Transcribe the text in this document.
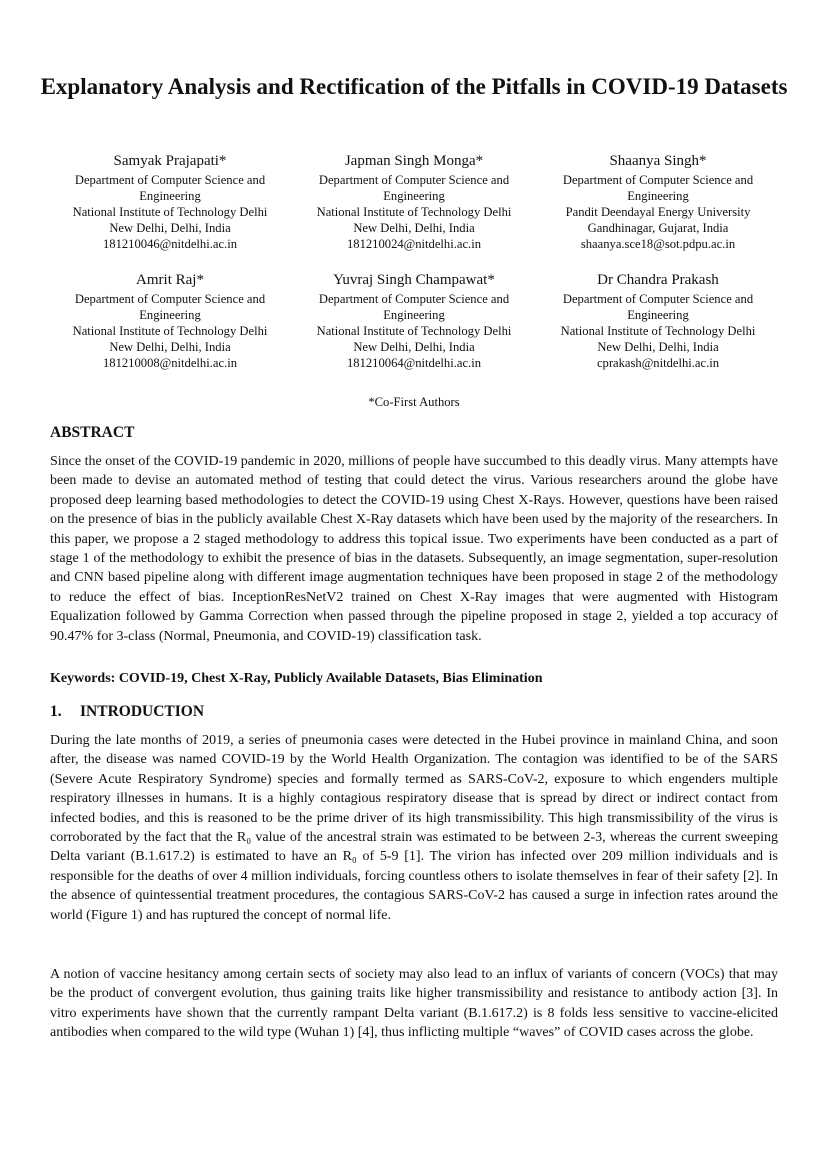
Explanatory Analysis and Rectification of the Pitfalls in COVID-19 Datasets
Samyak Prajapati*
Department of Computer Science and Engineering
National Institute of Technology Delhi
New Delhi, Delhi, India
181210046@nitdelhi.ac.in
Japman Singh Monga*
Department of Computer Science and Engineering
National Institute of Technology Delhi
New Delhi, Delhi, India
181210024@nitdelhi.ac.in
Shaanya Singh*
Department of Computer Science and Engineering
Pandit Deendayal Energy University
Gandhinagar, Gujarat, India
shaanya.sce18@sot.pdpu.ac.in
Amrit Raj*
Department of Computer Science and Engineering
National Institute of Technology Delhi
New Delhi, Delhi, India
181210008@nitdelhi.ac.in
Yuvraj Singh Champawat*
Department of Computer Science and Engineering
National Institute of Technology Delhi
New Delhi, Delhi, India
181210064@nitdelhi.ac.in
Dr Chandra Prakash
Department of Computer Science and Engineering
National Institute of Technology Delhi
New Delhi, Delhi, India
cprakash@nitdelhi.ac.in
*Co-First Authors
ABSTRACT

Since the onset of the COVID-19 pandemic in 2020, millions of people have succumbed to this deadly virus. Many attempts have been made to devise an automated method of testing that could detect the virus. Various researchers around the globe have proposed deep learning based methodologies to detect the COVID-19 using Chest X-Rays. However, questions have been raised on the presence of bias in the publicly available Chest X-Ray datasets which have been used by the majority of the researchers. In this paper, we propose a 2 staged methodology to address this topical issue. Two experiments have been conducted as a part of stage 1 of the methodology to exhibit the presence of bias in the datasets. Subsequently, an image segmentation, super-resolution and CNN based pipeline along with different image augmentation techniques have been proposed in stage 2 of the methodology to reduce the effect of bias. InceptionResNetV2 trained on Chest X-Ray images that were augmented with Histogram Equalization followed by Gamma Correction when passed through the pipeline proposed in stage 2, yielded a top accuracy of 90.47% for 3-class (Normal, Pneumonia, and COVID-19) classification task.

Keywords: COVID-19, Chest X-Ray, Publicly Available Datasets, Bias Elimination
1. INTRODUCTION

During the late months of 2019, a series of pneumonia cases were detected in the Hubei province in mainland China, and soon after, the disease was named COVID-19 by the World Health Organization. The contagion was identified to be of the SARS (Severe Acute Respiratory Syndrome) species and formally termed as SARS-CoV-2, exposure to which engenders multiple respiratory illnesses in humans. It is a highly contagious respiratory disease that is spread by direct or indirect contact from infected bodies, and this is reasoned to be the prime driver of its high transmissibility. This high transmissibility of the virus is corroborated by the fact that the R₀ value of the ancestral strain was estimated to be between 2-3, whereas the current sweeping Delta variant (B.1.617.2) is estimated to have an R₀ of 5-9 [1]. The virion has infected over 209 million individuals and is responsible for the deaths of over 4 million individuals, forcing countless others to isolate themselves in fear of their safety [2]. In the absence of quintessential treatment procedures, the contagious SARS-CoV-2 has caused a surge in infection rates around the world (Figure 1) and has ruptured the concept of normal life.

A notion of vaccine hesitancy among certain sects of society may also lead to an influx of variants of concern (VOCs) that may be the product of convergent evolution, thus gaining traits like higher transmissibility and resistance to antibody action [3]. In vitro experiments have shown that the currently rampant Delta variant (B.1.617.2) is 8 folds less sensitive to vaccine-elicited antibodies when compared to the wild type (Wuhan 1) [4], thus inflicting multiple “waves” of COVID cases across the globe.
